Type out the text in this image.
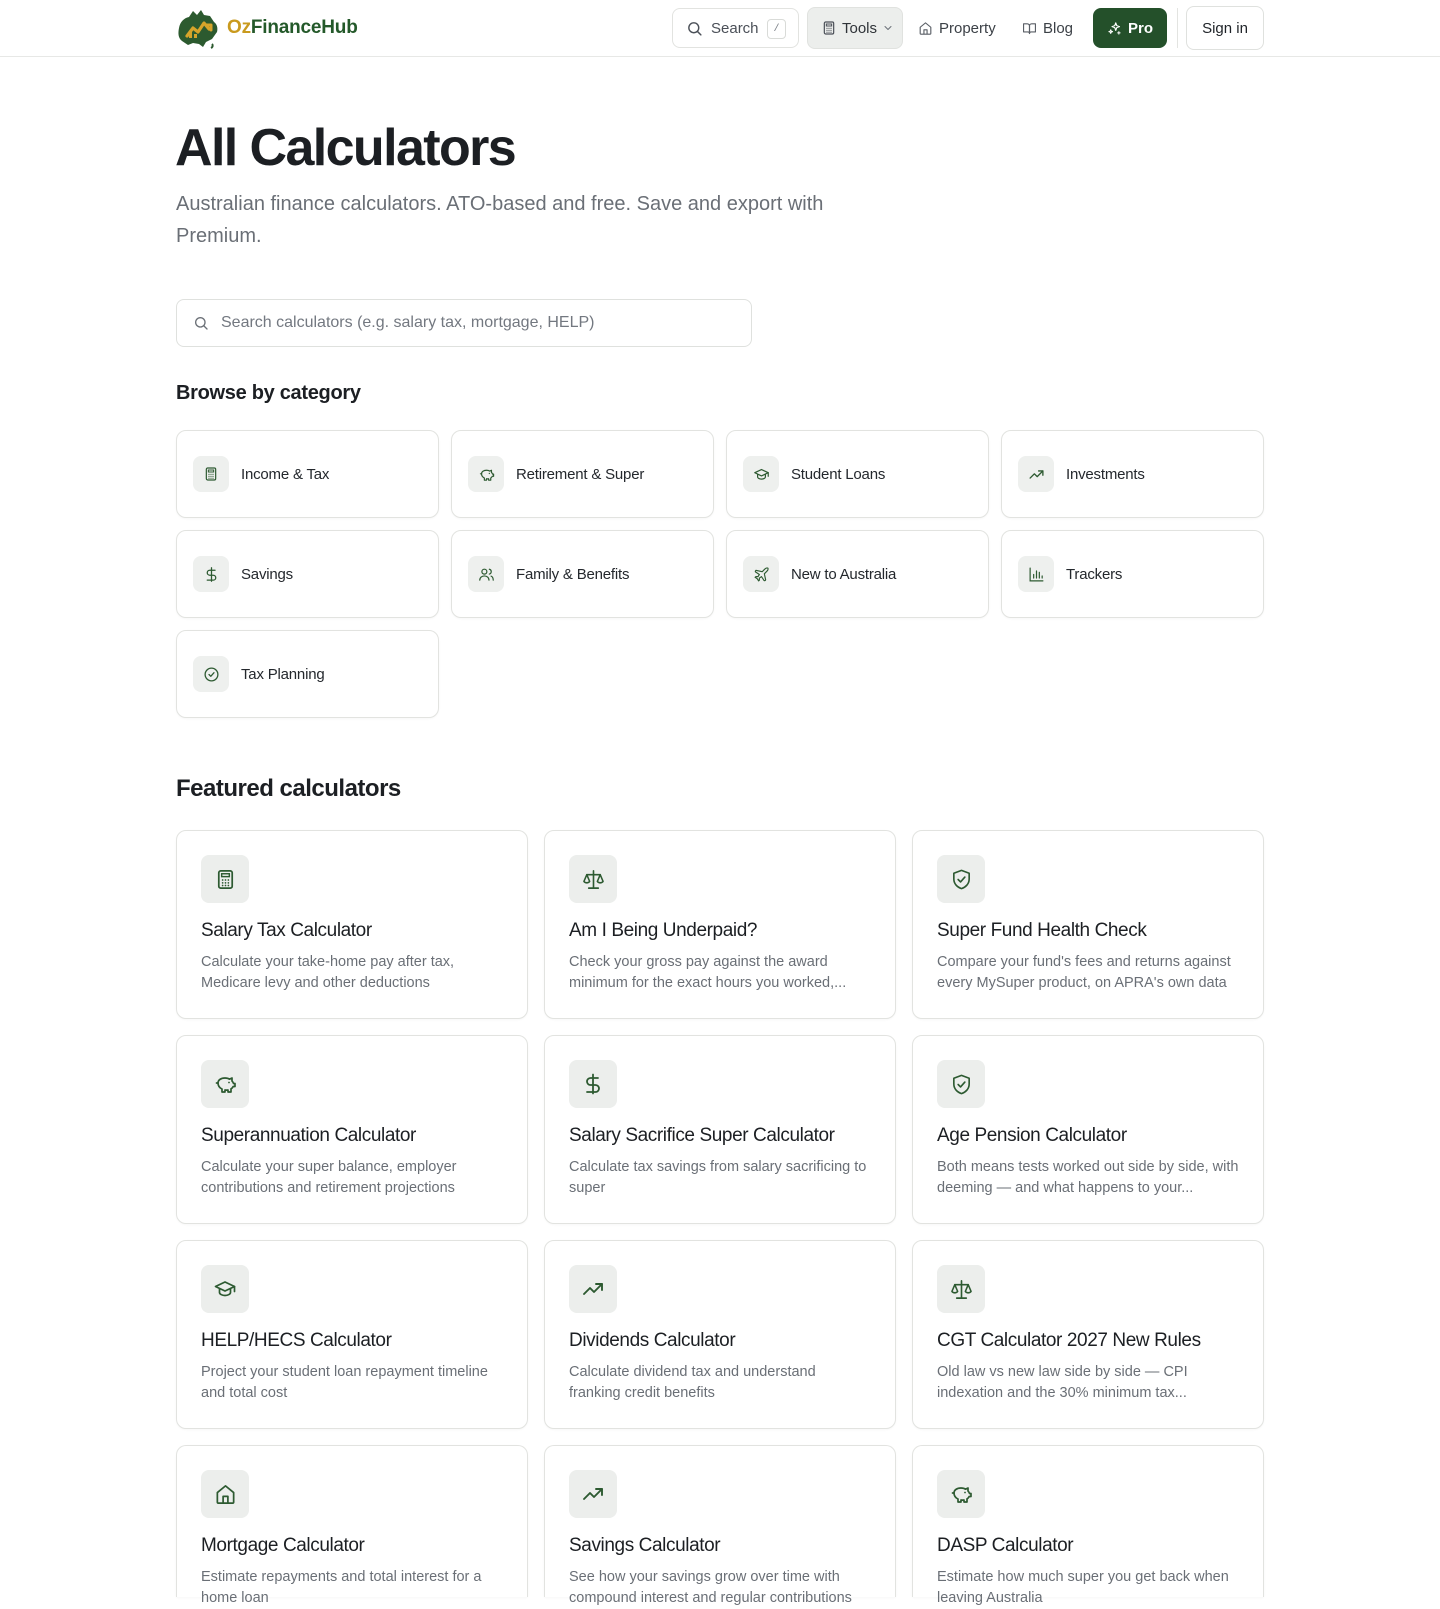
OzFinanceHub	Search	/	Tools	Property	Blog	Pro	Sign in
All Calculators

Australian finance calculators. ATO-based and free. Save and export with Premium.

Search calculators (e.g. salary tax, mortgage, HELP)
Browse by category
Income & Tax	Retirement & Super	Student Loans	Investments
Savings	Family & Benefits	New to Australia	Trackers
Tax Planning
Featured calculators
Salary Tax Calculator
Calculate your take-home pay after tax, Medicare levy and other deductions
Am I Being Underpaid?
Check your gross pay against the award minimum for the exact hours you worked,...
Super Fund Health Check
Compare your fund's fees and returns against every MySuper product, on APRA's own data
Superannuation Calculator
Calculate your super balance, employer contributions and retirement projections
Salary Sacrifice Super Calculator
Calculate tax savings from salary sacrificing to super
Age Pension Calculator
Both means tests worked out side by side, with deeming — and what happens to your...
HELP/HECS Calculator
Project your student loan repayment timeline and total cost
Dividends Calculator
Calculate dividend tax and understand franking credit benefits
CGT Calculator 2027 New Rules
Old law vs new law side by side — CPI indexation and the 30% minimum tax...
Mortgage Calculator
Estimate repayments and total interest for a home loan
Savings Calculator
See how your savings grow over time with compound interest and regular contributions
DASP Calculator
Estimate how much super you get back when leaving Australia
